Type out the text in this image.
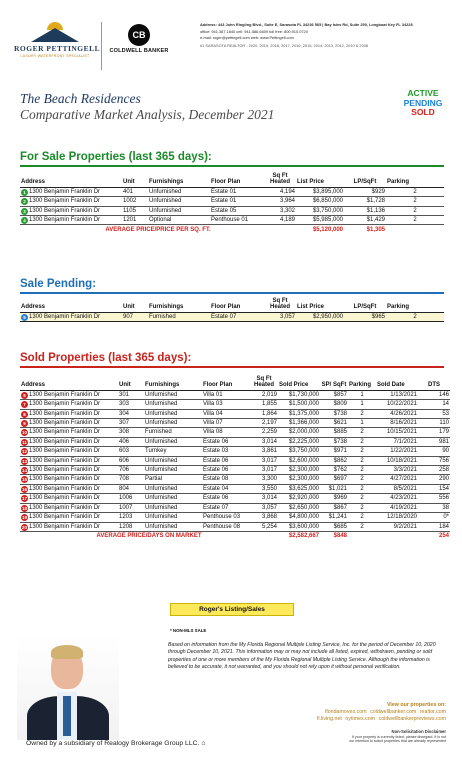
ROGER PETTINGELL
LUXURY WATERFRONT SPECIALIST
CB
COLDWELL BANKER
Address: 443 John Ringling Blvd., Suite E, Sarasota FL 34236 565 | Bay Isles Rd, Suite 250, Longboat Key FL 34228
office: 941.387.1840 cell: 941.586.6609 toll free: 800.910.0720
e-mail: roger@pettingell.com web: www.Pettingell.com
#1 SARASOTA REALTOR - 2020, 2019, 2018, 2017, 2016, 2015, 2014, 2013, 2012, 2010 & 2008
The Beach Residences
Comparative Market Analysis, December 2021
ACTIVE
PENDING
SOLD
For Sale Properties (last 365 days):
Address	Unit	Furnishings	Floor Plan	Sq Ft Heated	List Price	LP/SqFt	Parking
1 1300 Benjamin Franklin Dr	401	Unfurnished	Estate 01	4,194	$3,895,000	$929	2
2 1300 Benjamin Franklin Dr	1002	Unfurnished	Estate 01	3,964	$6,850,000	$1,728	2
3 1300 Benjamin Franklin Dr	1105	Unfurnished	Estate 05	3,302	$3,750,000	$1,136	2
4 1300 Benjamin Franklin Dr	1201	Optional	Penthouse 01	4,189	$5,985,000	$1,429	2
AVERAGE PRICE/PRICE PER SQ. FT.					$5,120,000	$1,305	
Sale Pending:
Address	Unit	Furnishings	Floor Plan	Sq Ft Heated	List Price	LP/SqFt	Parking
5 1300 Benjamin Franklin Dr	907	Furnished	Estate 07	3,057	$2,950,000	$965	2
Sold Properties (last 365 days):
Address	Unit	Furnishings	Floor Plan	Sq Ft Heated	Sold Price	SP/ SqFt	Parking	Sold Date	DTS
6 1300 Benjamin Franklin Dr	301	Unfurnished	Villa 01	2,019	$1,730,000	$857	1	1/13/2021	146
7 1300 Benjamin Franklin Dr	303	Unfurnished	Villa 03	1,855	$1,500,000	$809	1	10/22/2021	14
8 1300 Benjamin Franklin Dr	304	Unfurnished	Villa 04	1,864	$1,375,000	$738	2	4/26/2021	53
9 1300 Benjamin Franklin Dr	307	Unfurnished	Villa 07	2,197	$1,366,000	$621	1	8/16/2021	110
10 1300 Benjamin Franklin Dr	308	Furnished	Villa 08	2,259	$2,000,000	$885	2	10/15/2021	179
11 1300 Benjamin Franklin Dr	406	Unfurnished	Estate 06	3,014	$2,225,000	$738	2	7/1/2021	981
12 1300 Benjamin Franklin Dr	603	Turnkey	Estate 03	3,861	$3,750,000	$971	2	1/22/2021	90
13 1300 Benjamin Franklin Dr	606	Unfurnished	Estate 06	3,017	$2,600,000	$862	2	10/18/2021	756
14 1300 Benjamin Franklin Dr	706	Unfurnished	Estate 06	3,017	$2,300,000	$762	2	3/3/2021	258
15 1300 Benjamin Franklin Dr	708	Partial	Estate 08	3,300	$2,300,000	$697	2	4/27/2021	290
16 1300 Benjamin Franklin Dr	804	Unfurnished	Estate 04	3,550	$3,625,000	$1,021	2	8/5/2021	154
17 1300 Benjamin Franklin Dr	1006	Unfurnished	Estate 06	3,014	$2,920,000	$969	2	4/23/2021	556
18 1300 Benjamin Franklin Dr	1007	Unfurnished	Estate 07	3,057	$2,650,000	$867	2	4/19/2021	38
19 1300 Benjamin Franklin Dr	1203	Unfurnished	Penthouse 03	3,868	$4,800,000	$1,241	2	12/18/2020	0*
20 1300 Benjamin Franklin Dr	1208	Unfurnished	Penthouse 08	5,254	$3,600,000	$685	2	9/2/2021	184
AVERAGE PRICE/DAYS ON MARKET					$2,582,667	$848			254
Roger's Listing/Sales
* NON-MLS SALE
Based on information from the My Florida Regional Multiple Listing Service, Inc. for the period of December 10, 2020 through December 10, 2021. This information may or may not include all listed, expired, withdrawn, pending or sold properties of one or more members of the My Florida Regional Multiple Listing Service. Although the information is believed to be accurate, it not warranted, and you should not rely upon it without personal verification.
Owned by a subsidiary of Realogy Brokerage Group LLC. ⌂
View our properties on:
floridamoves.com coldwellbanker.com realtor.com
fl.living.net nytimes.com coldwellbankerpreviews.com
Non-Solicitation Disclaimer
If your property is currently listed, please disregard. It is not
our intention to solicit properties that are already represented
